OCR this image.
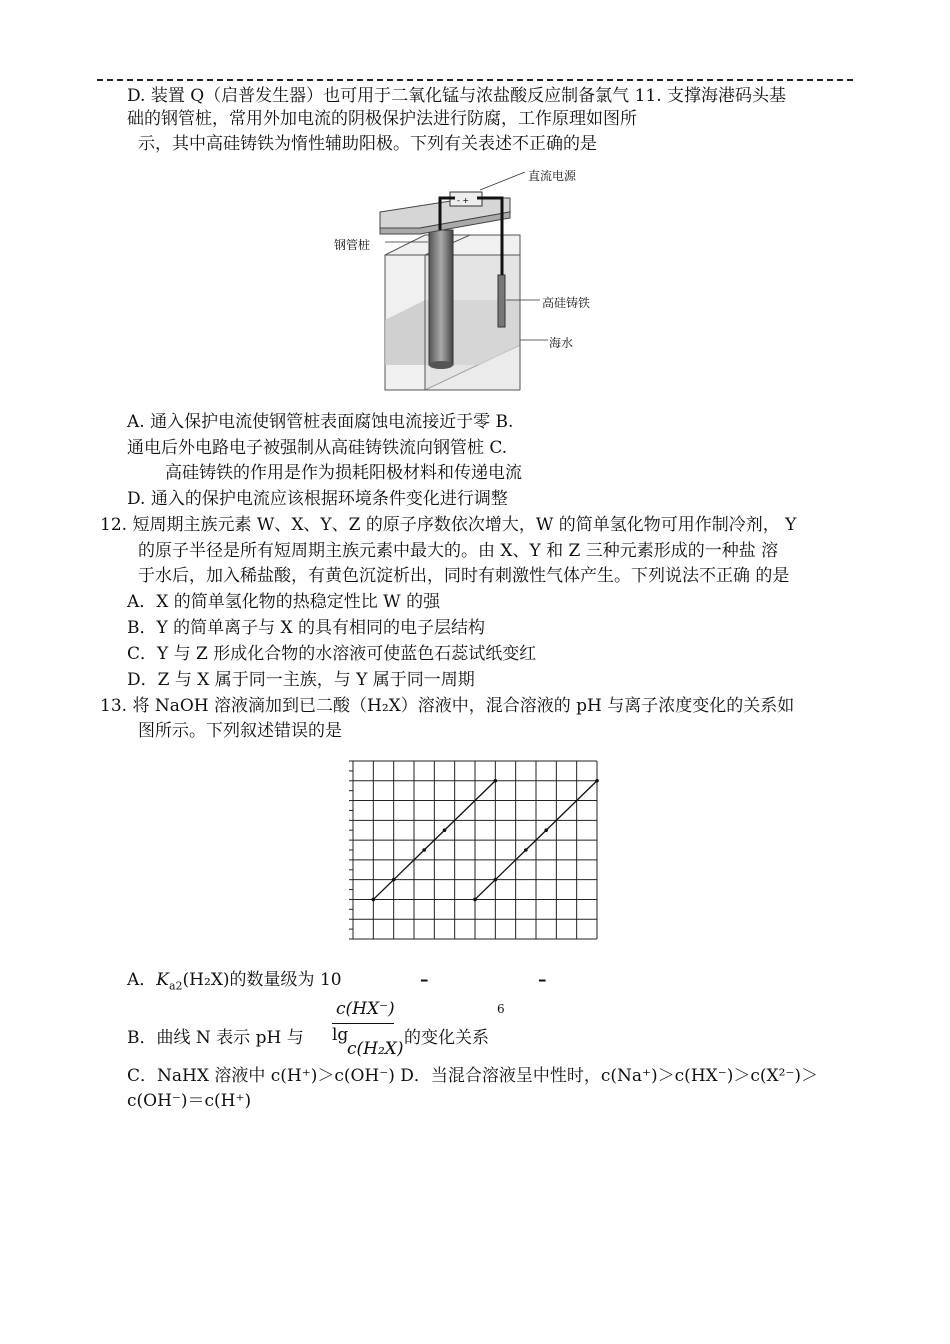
D. 装置 Q（启普发生器）也可用于二氧化锰与浓盐酸反应制备氯气 11. 支撑海港码头基
础的钢管桩，常用外加电流的阴极保护法进行防腐，工作原理如图所
示，其中高硅铸铁为惰性辅助阳极。下列有关表述不正确的是
- +
直流电源
钢管桩
高硅铸铁
海水
A. 通入保护电流使钢管桩表面腐蚀电流接近于零 B.
通电后外电路电子被强制从高硅铸铁流向钢管桩 C.
高硅铸铁的作用是作为损耗阳极材料和传递电流
D. 通入的保护电流应该根据环境条件变化进行调整
12. 短周期主族元素 W、X、Y、Z 的原子序数依次增大，W 的简单氢化物可用作制冷剂， Y
的原子半径是所有短周期主族元素中最大的。由 X、Y 和 Z 三种元素形成的一种盐 溶
于水后，加入稀盐酸，有黄色沉淀析出，同时有刺激性气体产生。下列说法不正确 的是
A．X 的简单氢化物的热稳定性比 W 的强
B．Y 的简单离子与 X 的具有相同的电子层结构
C．Y 与 Z 形成化合物的水溶液可使蓝色石蕊试纸变红
D．Z 与 X 属于同一主族，与 Y 属于同一周期
13. 将 NaOH 溶液滴加到已二酸（H₂X）溶液中，混合溶液的 pH 与离子浓度变化的关系如
图所示。下列叙述错误的是
A．$K_{a2}(H_2X)$的数量级为 10	–	–
6
c(HX⁻)
B．曲线 N 表示 pH 与 lg
c(H₂X)
的变化关系
C．NaHX 溶液中 c(H⁺)＞c(OH⁻) D．当混合溶液呈中性时，c(Na⁺)＞c(HX⁻)＞c(X²⁻)＞
c(OH⁻)＝c(H⁺)
